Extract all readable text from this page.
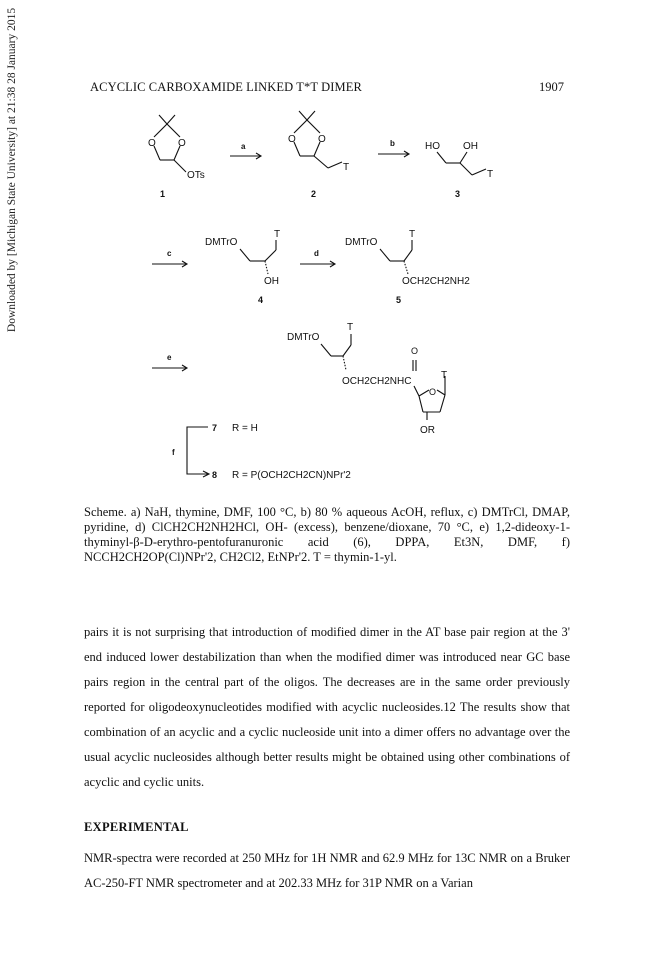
Downloaded by [Michigan State University] at 21:38 28 January 2015	ACYCLIC CARBOXAMIDE LINKED T*T DIMER	1907
O O
OTs
1
a
O O
T
2
b	HO OH
T
3
c
DMTrO
T
OH
4
d
DMTrO
T
OCH2CH2NH2
5
e
DMTrO
T
OCH2CH2NHC
O
O
T
OR
f
7 R = H
8 R = P(OCH2CH2CN)NPr'2
Scheme. a) NaH, thymine, DMF, 100 °C, b) 80 % aqueous AcOH, reflux, c) DMTrCl, DMAP, pyridine, d) ClCH2CH2NH2HCl, OH- (excess), benzene/dioxane, 70 °C, e) 1,2-dideoxy-1-thyminyl-β-D-erythro-pentofuranuronic acid (6), DPPA, Et3N, DMF, f) NCCH2CH2OP(Cl)NPr'2, CH2Cl2, EtNPr'2. T = thymin-1-yl.
pairs it is not surprising that introduction of modified dimer in the AT base pair region at the 3' end induced lower destabilization than when the modified dimer was introduced near GC base pairs region in the central part of the oligos. The decreases are in the same order previously reported for oligodeoxynucleotides modified with acyclic nucleosides.12 The results show that combination of an acyclic and a cyclic nucleoside unit into a dimer offers no advantage over the usual acyclic nucleosides although better results might be obtained using other combinations of acyclic and cyclic units.
EXPERIMENTAL
NMR-spectra were recorded at 250 MHz for 1H NMR and 62.9 MHz for 13C NMR on a Bruker AC-250-FT NMR spectrometer and at 202.33 MHz for 31P NMR on a Varian
